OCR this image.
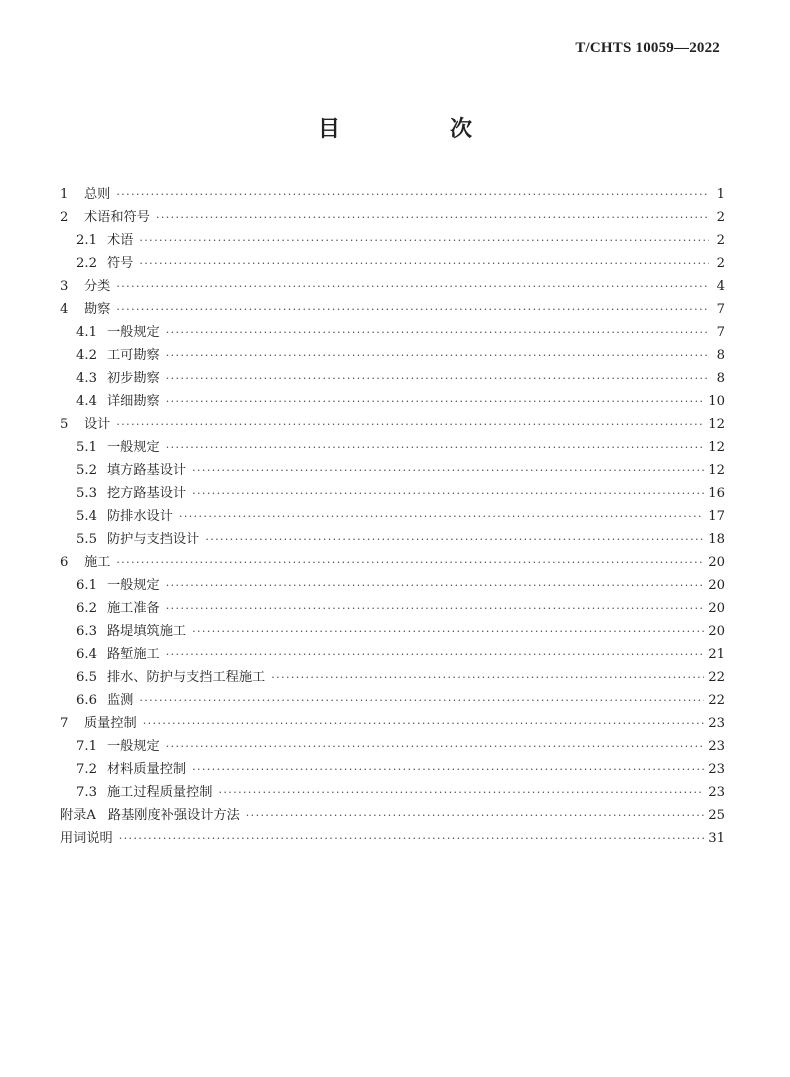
T/CHTS 10059—2022
目　次
1	总则 ·····	1
2	术语和符号 ·····	2
2.1 术语 ·····	2
2.2 符号 ·····	2
3	分类 ·····	4
4	勘察 ·····	7
4.1 一般规定 ·····	7
4.2 工可勘察 ·····	8
4.3 初步勘察 ·····	8
4.4 详细勘察 ·····	10
5	设计 ·····	12
5.1 一般规定 ·····	12
5.2 填方路基设计 ·····	12
5.3 挖方路基设计 ·····	16
5.4 防排水设计 ·····	17
5.5 防护与支挡设计 ·····	18
6	施工 ·····	20
6.1 一般规定 ·····	20
6.2 施工准备 ·····	20
6.3 路堤填筑施工 ·····	20
6.4 路堑施工 ·····	21
6.5 排水、防护与支挡工程施工 ·····	22
6.6 监测 ·····	22
7	质量控制 ·····	23
7.1 一般规定 ·····	23
7.2 材料质量控制 ·····	23
7.3 施工过程质量控制 ·····	23
附录A 路基刚度补强设计方法 ·····	25
用词说明 ·····	31
